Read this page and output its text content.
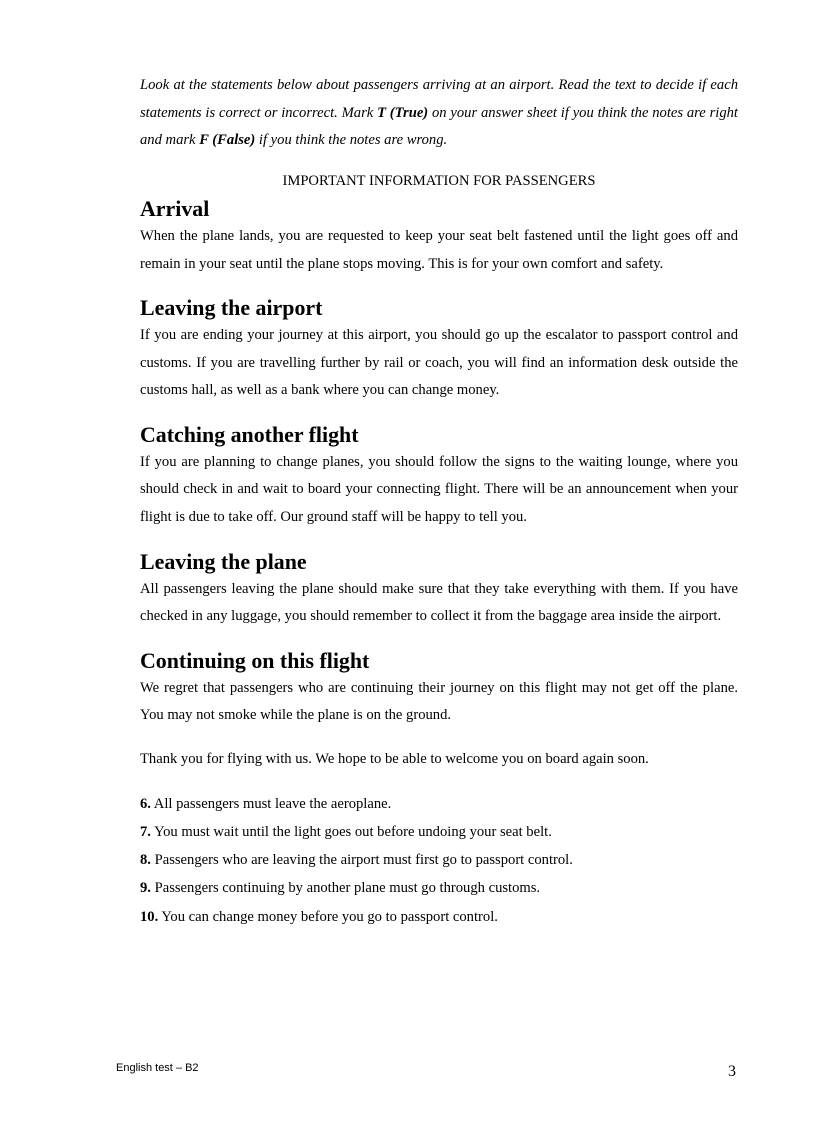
Look at the statements below about passengers arriving at an airport. Read the text to decide if each statements is correct or incorrect. Mark T (True) on your answer sheet if you think the notes are right and mark F (False) if you think the notes are wrong.

IMPORTANT INFORMATION FOR PASSENGERS
Arrival

When the plane lands, you are requested to keep your seat belt fastened until the light goes off and remain in your seat until the plane stops moving. This is for your own comfort and safety.

Leaving the airport

If you are ending your journey at this airport, you should go up the escalator to passport control and customs. If you are travelling further by rail or coach, you will find an information desk outside the customs hall, as well as a bank where you can change money.

Catching another flight

If you are planning to change planes, you should follow the signs to the waiting lounge, where you should check in and wait to board your connecting flight. There will be an announcement when your flight is due to take off. Our ground staff will be happy to tell you.

Leaving the plane

All passengers leaving the plane should make sure that they take everything with them. If you have checked in any luggage, you should remember to collect it from the baggage area inside the airport.

Continuing on this flight

We regret that passengers who are continuing their journey on this flight may not get off the plane. You may not smoke while the plane is on the ground.

Thank you for flying with us. We hope to be able to welcome you on board again soon.

6. All passengers must leave the aeroplane.
7. You must wait until the light goes out before undoing your seat belt.
8. Passengers who are leaving the airport must first go to passport control.
9. Passengers continuing by another plane must go through customs.
10. You can change money before you go to passport control.
English test – B2	3
